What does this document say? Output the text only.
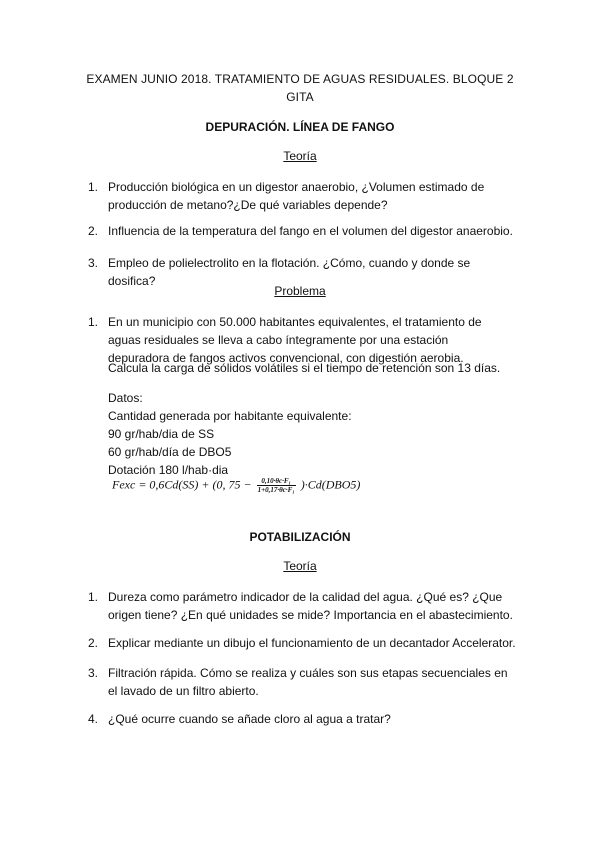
EXAMEN JUNIO 2018. TRATAMIENTO DE AGUAS RESIDUALES. BLOQUE 2
GITA
DEPURACIÓN. LÍNEA DE FANGO
Teoría
1. Producción biológica en un digestor anaerobio, ¿Volumen estimado de producción de metano?¿De qué variables depende?
2. Influencia de la temperatura del fango en el volumen del digestor anaerobio.
3. Empleo de polielectrolito en la flotación. ¿Cómo, cuando y donde se dosifica?
Problema
1. En un municipio con 50.000 habitantes equivalentes, el tratamiento de aguas residuales se lleva a cabo íntegramente por una estación depuradora de fangos activos convencional, con digestión aerobia.
Calcula la carga de sólidos volátiles si el tiempo de retención son 13 días.
Datos:
Cantidad generada por habitante equivalente:
90 gr/hab/dia de SS
60 gr/hab/día de DBO5
Dotación 180 l/hab·dia
Fexc = 0,6Cd(SS) + (0, $75 - \frac{\text{0,10·θc·F₁}}{\text{1+0,17·θc·F₁}} )\cdot Cd(DBO5)$
POTABILIZACIÓN
Teoría
1. Dureza como parámetro indicador de la calidad del agua. ¿Qué es? ¿Que origen tiene? ¿En qué unidades se mide? Importancia en el abastecimiento.
2. Explicar mediante un dibujo el funcionamiento de un decantador Accelerator.
3. Filtración rápida. Cómo se realiza y cuáles son sus etapas secuenciales en el lavado de un filtro abierto.
4. ¿Qué ocurre cuando se añade cloro al agua a tratar?
